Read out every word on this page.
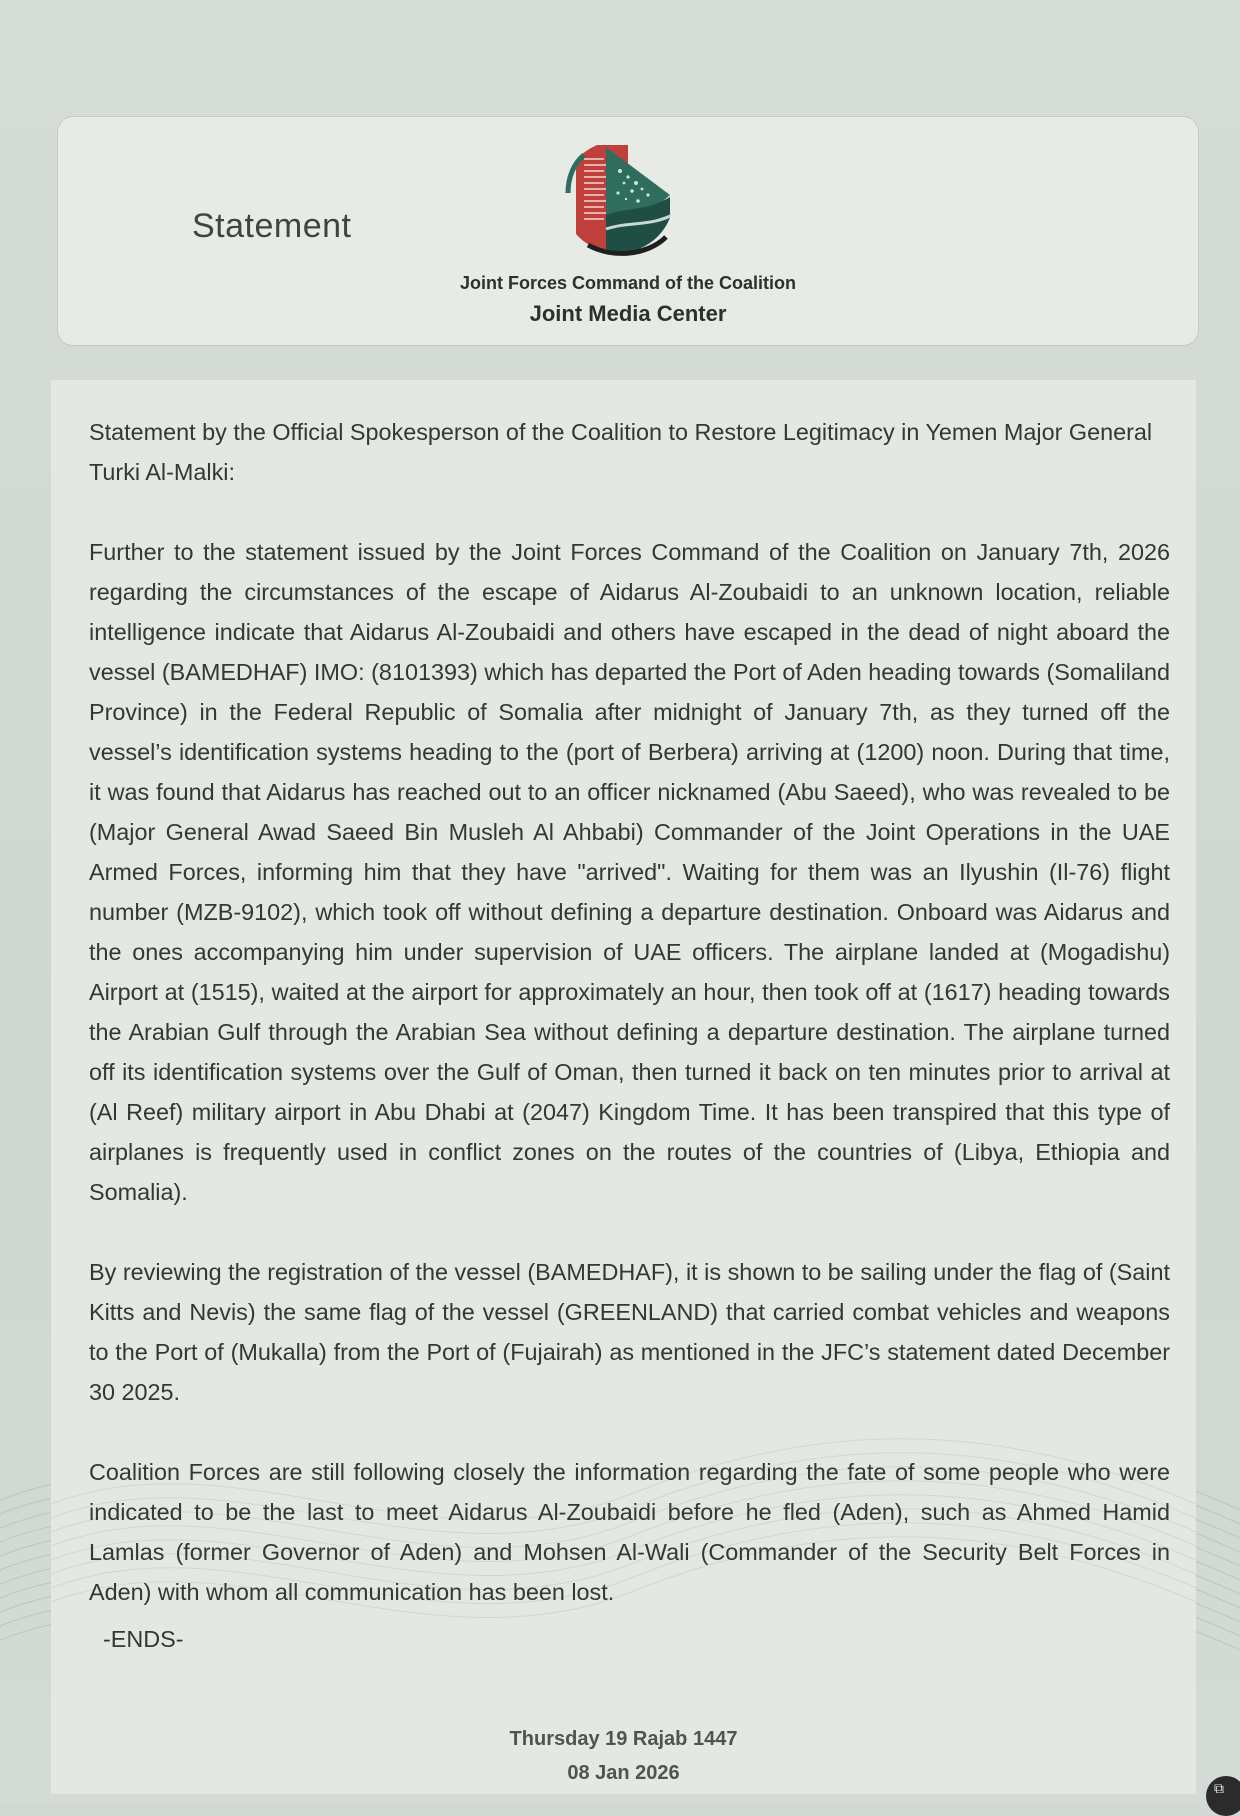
Statement
Joint Forces Command of the Coalition
Joint Media Center

Statement by the Official Spokesperson of the Coalition to Restore Legitimacy in Yemen Major General Turki Al-Malki:

Further to the statement issued by the Joint Forces Command of the Coalition on January 7th, 2026 regarding the circumstances of the escape of Aidarus Al-Zoubaidi to an unknown location, reliable intelligence indicate that Aidarus Al-Zoubaidi and others have escaped in the dead of night aboard the vessel (BAMEDHAF) IMO: (8101393) which has departed the Port of Aden heading towards (Somaliland Province) in the Federal Republic of Somalia after midnight of January 7th, as they turned off the vessel’s identification systems heading to the (port of Berbera) arriving at (1200) noon. During that time, it was found that Aidarus has reached out to an officer nicknamed (Abu Saeed), who was revealed to be (Major General Awad Saeed Bin Musleh Al Ahbabi) Commander of the Joint Operations in the UAE Armed Forces, informing him that they have "arrived". Waiting for them was an Ilyushin (Il-76) flight number (MZB-9102), which took off without defining a departure destination. Onboard was Aidarus and the ones accompanying him under supervision of UAE officers. The airplane landed at (Mogadishu) Airport at (1515), waited at the airport for approximately an hour, then took off at (1617) heading towards the Arabian Gulf through the Arabian Sea without defining a departure destination. The airplane turned off its identification systems over the Gulf of Oman, then turned it back on ten minutes prior to arrival at (Al Reef) military airport in Abu Dhabi at (2047) Kingdom Time. It has been transpired that this type of airplanes is frequently used in conflict zones on the routes of the countries of (Libya, Ethiopia and Somalia).

By reviewing the registration of the vessel (BAMEDHAF), it is shown to be sailing under the flag of (Saint Kitts and Nevis) the same flag of the vessel (GREENLAND) that carried combat vehicles and weapons to the Port of (Mukalla) from the Port of (Fujairah) as mentioned in the JFC’s statement dated December 30 2025.

Coalition Forces are still following closely the information regarding the fate of some people who were indicated to be the last to meet Aidarus Al-Zoubaidi before he fled (Aden), such as Ahmed Hamid Lamlas (former Governor of Aden) and Mohsen Al-Wali (Commander of the Security Belt Forces in Aden) with whom all communication has been lost.

-ENDS-
Thursday 19 Rajab 1447
08 Jan 2026
⧉
